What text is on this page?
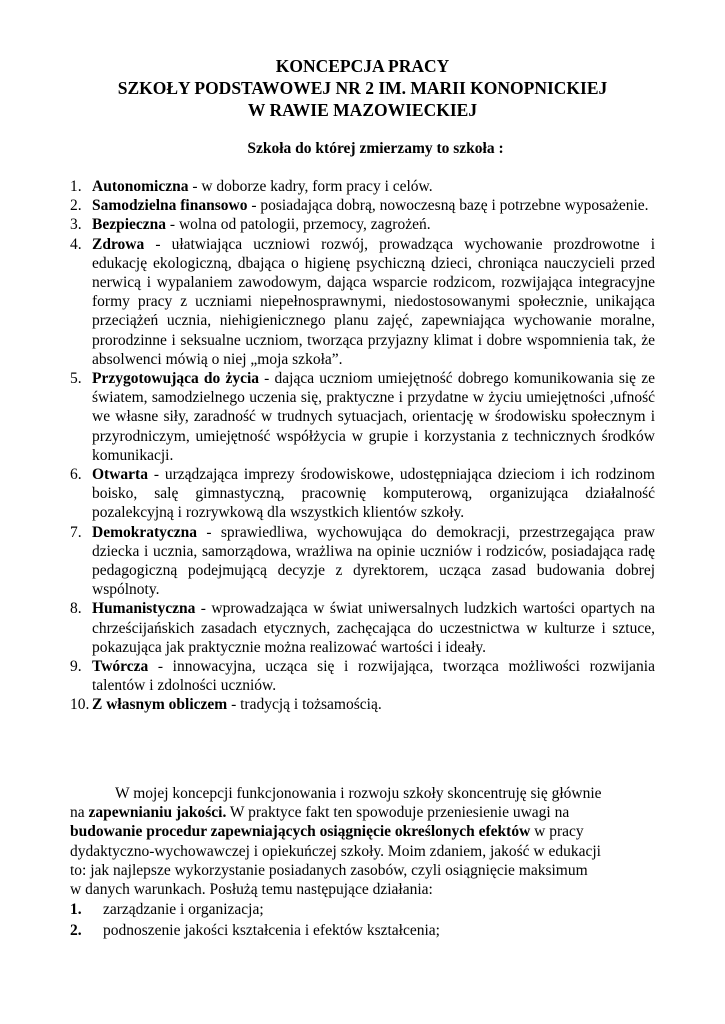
KONCEPCJA PRACY
SZKOŁY PODSTAWOWEJ NR 2 IM. MARII KONOPNICKIEJ
W RAWIE MAZOWIECKIEJ

Szkoła do której zmierzamy to szkoła :

1. Autonomiczna - w doborze kadry, form pracy i celów.
2. Samodzielna finansowo - posiadająca dobrą, nowoczesną bazę i potrzebne wyposażenie.
3. Bezpieczna - wolna od patologii, przemocy, zagrożeń.
4. Zdrowa - ułatwiająca uczniowi rozwój, prowadząca wychowanie prozdrowotne i edukację ekologiczną, dbająca o higienę psychiczną dzieci, chroniąca nauczycieli przed nerwicą i wypalaniem zawodowym, dająca wsparcie rodzicom, rozwijająca integracyjne formy pracy z uczniami niepełnosprawnymi, niedostosowanymi społecznie, unikająca przeciążeń ucznia, niehigienicznego planu zajęć, zapewniająca wychowanie moralne, prorodzinne i seksualne uczniom, tworząca przyjazny klimat i dobre wspomnienia tak, że absolwenci mówią o niej „moja szkoła”.
5. Przygotowująca do życia - dająca uczniom umiejętność dobrego komunikowania się ze światem, samodzielnego uczenia się, praktyczne i przydatne w życiu umiejętności ,ufność we własne siły, zaradność w trudnych sytuacjach, orientację w środowisku społecznym i przyrodniczym, umiejętność współżycia w grupie i korzystania z technicznych środków komunikacji.
6. Otwarta - urządzająca imprezy środowiskowe, udostępniająca dzieciom i ich rodzinom boisko, salę gimnastyczną, pracownię komputerową, organizująca działalność pozalekcyjną i rozrywkową dla wszystkich klientów szkoły.
7. Demokratyczna - sprawiedliwa, wychowująca do demokracji, przestrzegająca praw dziecka i ucznia, samorządowa, wrażliwa na opinie uczniów i rodziców, posiadająca radę pedagogiczną podejmującą decyzje z dyrektorem, ucząca zasad budowania dobrej wspólnoty.
8. Humanistyczna - wprowadzająca w świat uniwersalnych ludzkich wartości opartych na chrześcijańskich zasadach etycznych, zachęcająca do uczestnictwa w kulturze i sztuce, pokazująca jak praktycznie można realizować wartości i ideały.
9. Twórcza - innowacyjna, ucząca się i rozwijająca, tworząca możliwości rozwijania talentów i zdolności uczniów.
10. Z własnym obliczem - tradycją i tożsamością.

W mojej koncepcji funkcjonowania i rozwoju szkoły skoncentruję się głównie
na zapewnianiu jakości. W praktyce fakt ten spowoduje przeniesienie uwagi na
budowanie procedur zapewniających osiągnięcie określonych efektów w pracy
dydaktyczno-wychowawczej i opiekuńczej szkoły. Moim zdaniem, jakość w edukacji
to: jak najlepsze wykorzystanie posiadanych zasobów, czyli osiągnięcie maksimum
w danych warunkach. Posłużą temu następujące działania:

1. zarządzanie i organizacja;
2. podnoszenie jakości kształcenia i efektów kształcenia;
